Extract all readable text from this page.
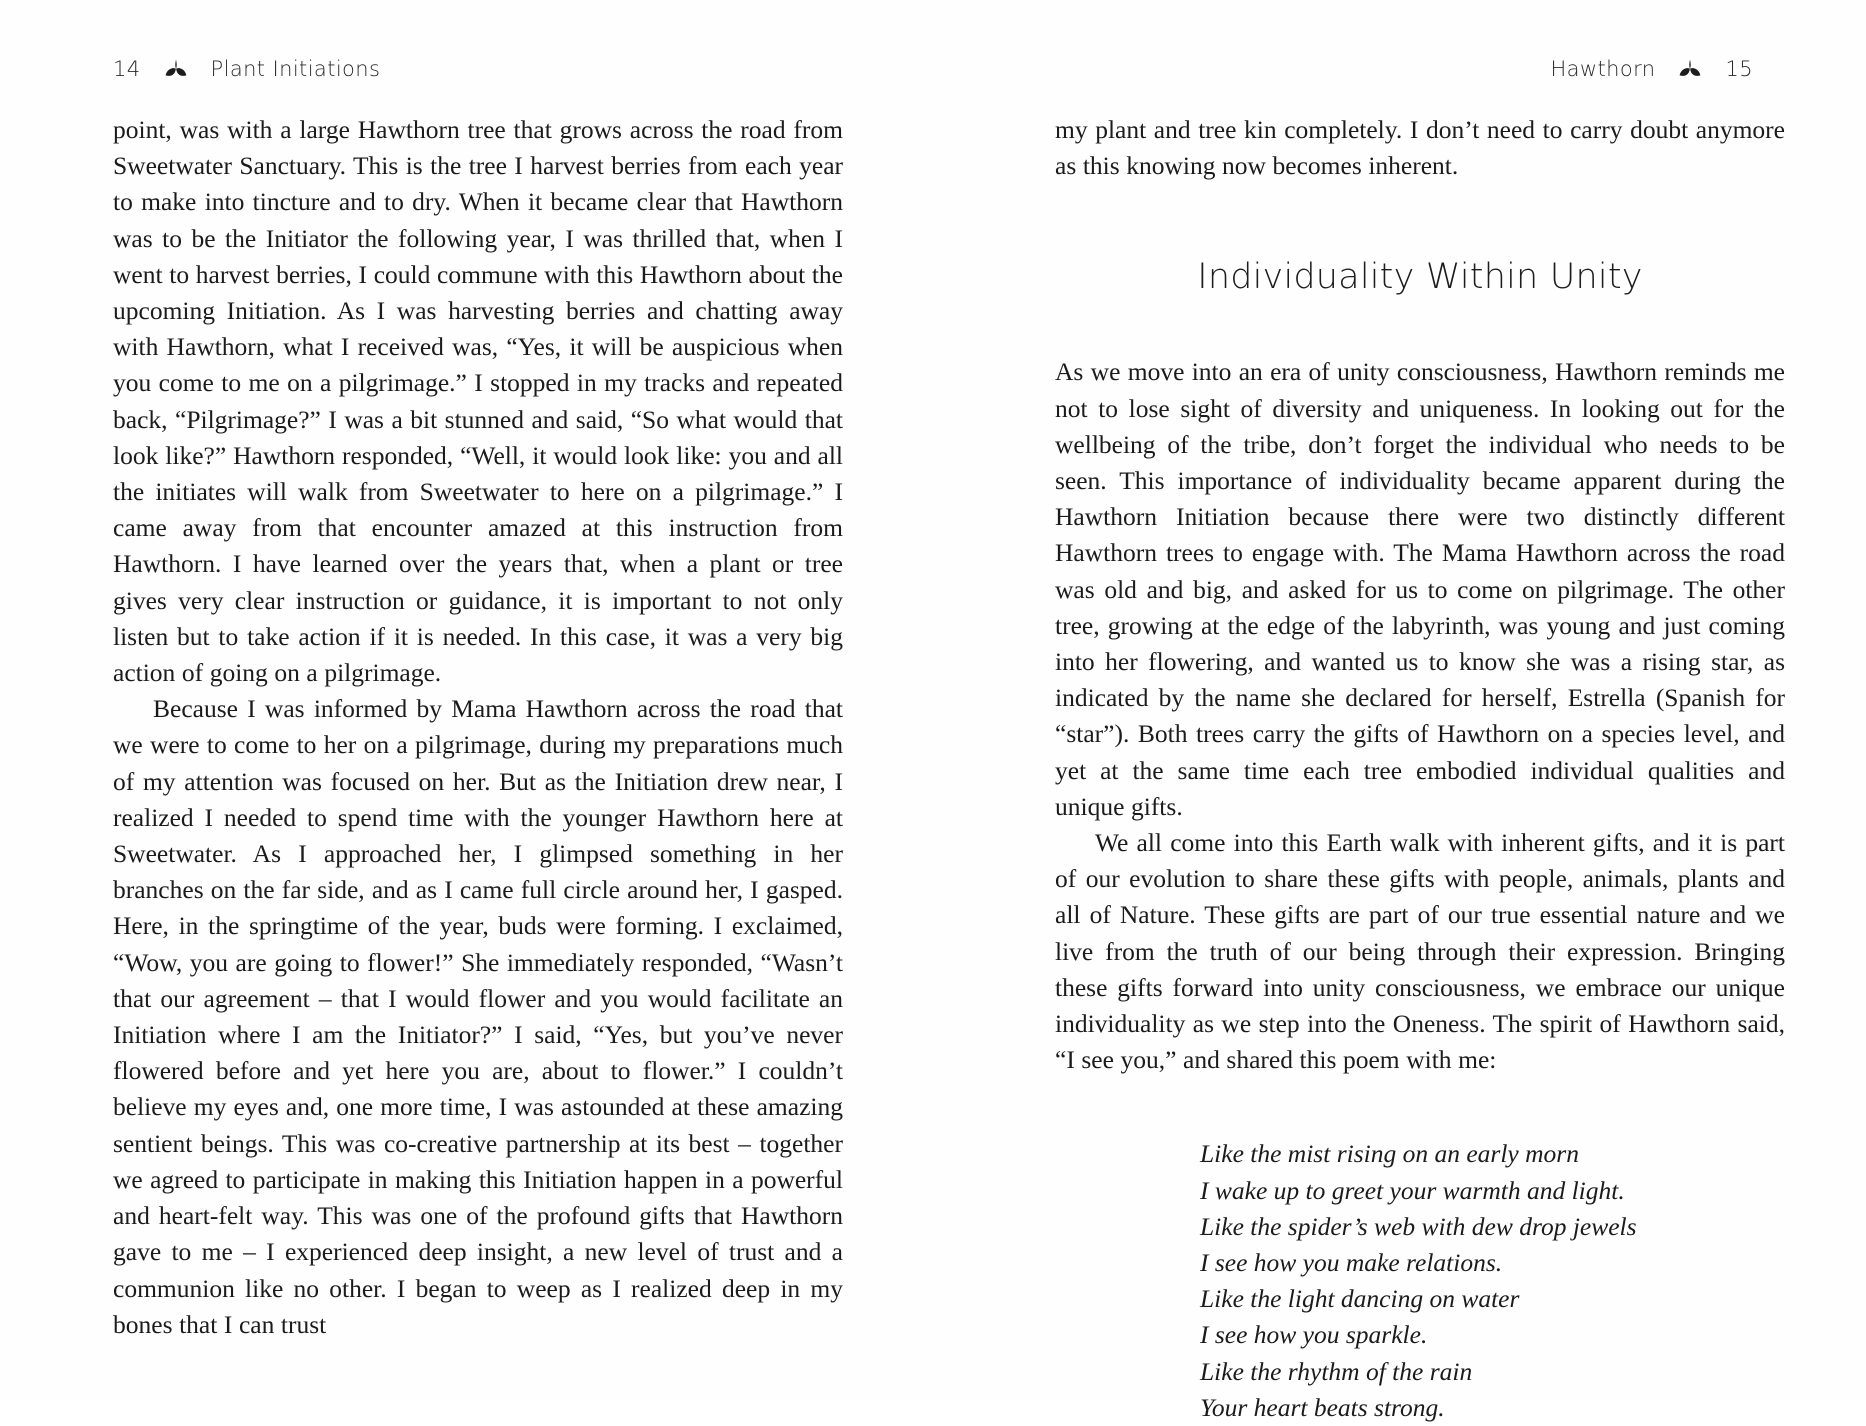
14	Plant Initiations

point, was with a large Hawthorn tree that grows across the road from Sweetwater Sanctuary. This is the tree I harvest berries from each year to make into tincture and to dry. When it became clear that Hawthorn was to be the Initiator the following year, I was thrilled that, when I went to harvest berries, I could commune with this Hawthorn about the upcoming Initiation. As I was harvesting berries and chatting away with Hawthorn, what I received was, “Yes, it will be auspicious when you come to me on a pilgrimage.” I stopped in my tracks and repeated back, “Pilgrimage?” I was a bit stunned and said, “So what would that look like?” Hawthorn responded, “Well, it would look like: you and all the initiates will walk from Sweetwater to here on a pilgrimage.” I came away from that encounter amazed at this instruction from Hawthorn. I have learned over the years that, when a plant or tree gives very clear instruction or guidance, it is important to not only listen but to take action if it is needed. In this case, it was a very big action of going on a pilgrimage.

Because I was informed by Mama Hawthorn across the road that we were to come to her on a pilgrimage, during my preparations much of my attention was focused on her. But as the Initiation drew near, I realized I needed to spend time with the younger Hawthorn here at Sweetwater. As I approached her, I glimpsed something in her branches on the far side, and as I came full circle around her, I gasped. Here, in the springtime of the year, buds were forming. I exclaimed, “Wow, you are going to flower!” She immediately responded, “Wasn’t that our agreement – that I would flower and you would facilitate an Initiation where I am the Initiator?” I said, “Yes, but you’ve never flowered before and yet here you are, about to flower.” I couldn’t believe my eyes and, one more time, I was astounded at these amazing sentient beings. This was co-creative partnership at its best – together we agreed to participate in making this Initiation happen in a powerful and heart-felt way. This was one of the profound gifts that Hawthorn gave to me – I experienced deep insight, a new level of trust and a communion like no other. I began to weep as I realized deep in my bones that I can trust

Hawthorn	15

my plant and tree kin completely. I don’t need to carry doubt anymore as this knowing now becomes inherent.

Individuality Within Unity

As we move into an era of unity consciousness, Hawthorn reminds me not to lose sight of diversity and uniqueness. In looking out for the wellbeing of the tribe, don’t forget the individual who needs to be seen. This importance of individuality became apparent during the Hawthorn Initiation because there were two distinctly different Hawthorn trees to engage with. The Mama Hawthorn across the road was old and big, and asked for us to come on pilgrimage. The other tree, growing at the edge of the labyrinth, was young and just coming into her flowering, and wanted us to know she was a rising star, as indicated by the name she declared for herself, Estrella (Spanish for “star”). Both trees carry the gifts of Hawthorn on a species level, and yet at the same time each tree embodied individual qualities and unique gifts.

We all come into this Earth walk with inherent gifts, and it is part of our evolution to share these gifts with people, animals, plants and all of Nature. These gifts are part of our true essential nature and we live from the truth of our being through their expression. Bringing these gifts forward into unity consciousness, we embrace our unique individuality as we step into the Oneness. The spirit of Hawthorn said, “I see you,” and shared this poem with me:

Like the mist rising on an early morn
I wake up to greet your warmth and light.
Like the spider’s web with dew drop jewels
I see how you make relations.
Like the light dancing on water
I see how you sparkle.
Like the rhythm of the rain
Your heart beats strong.
